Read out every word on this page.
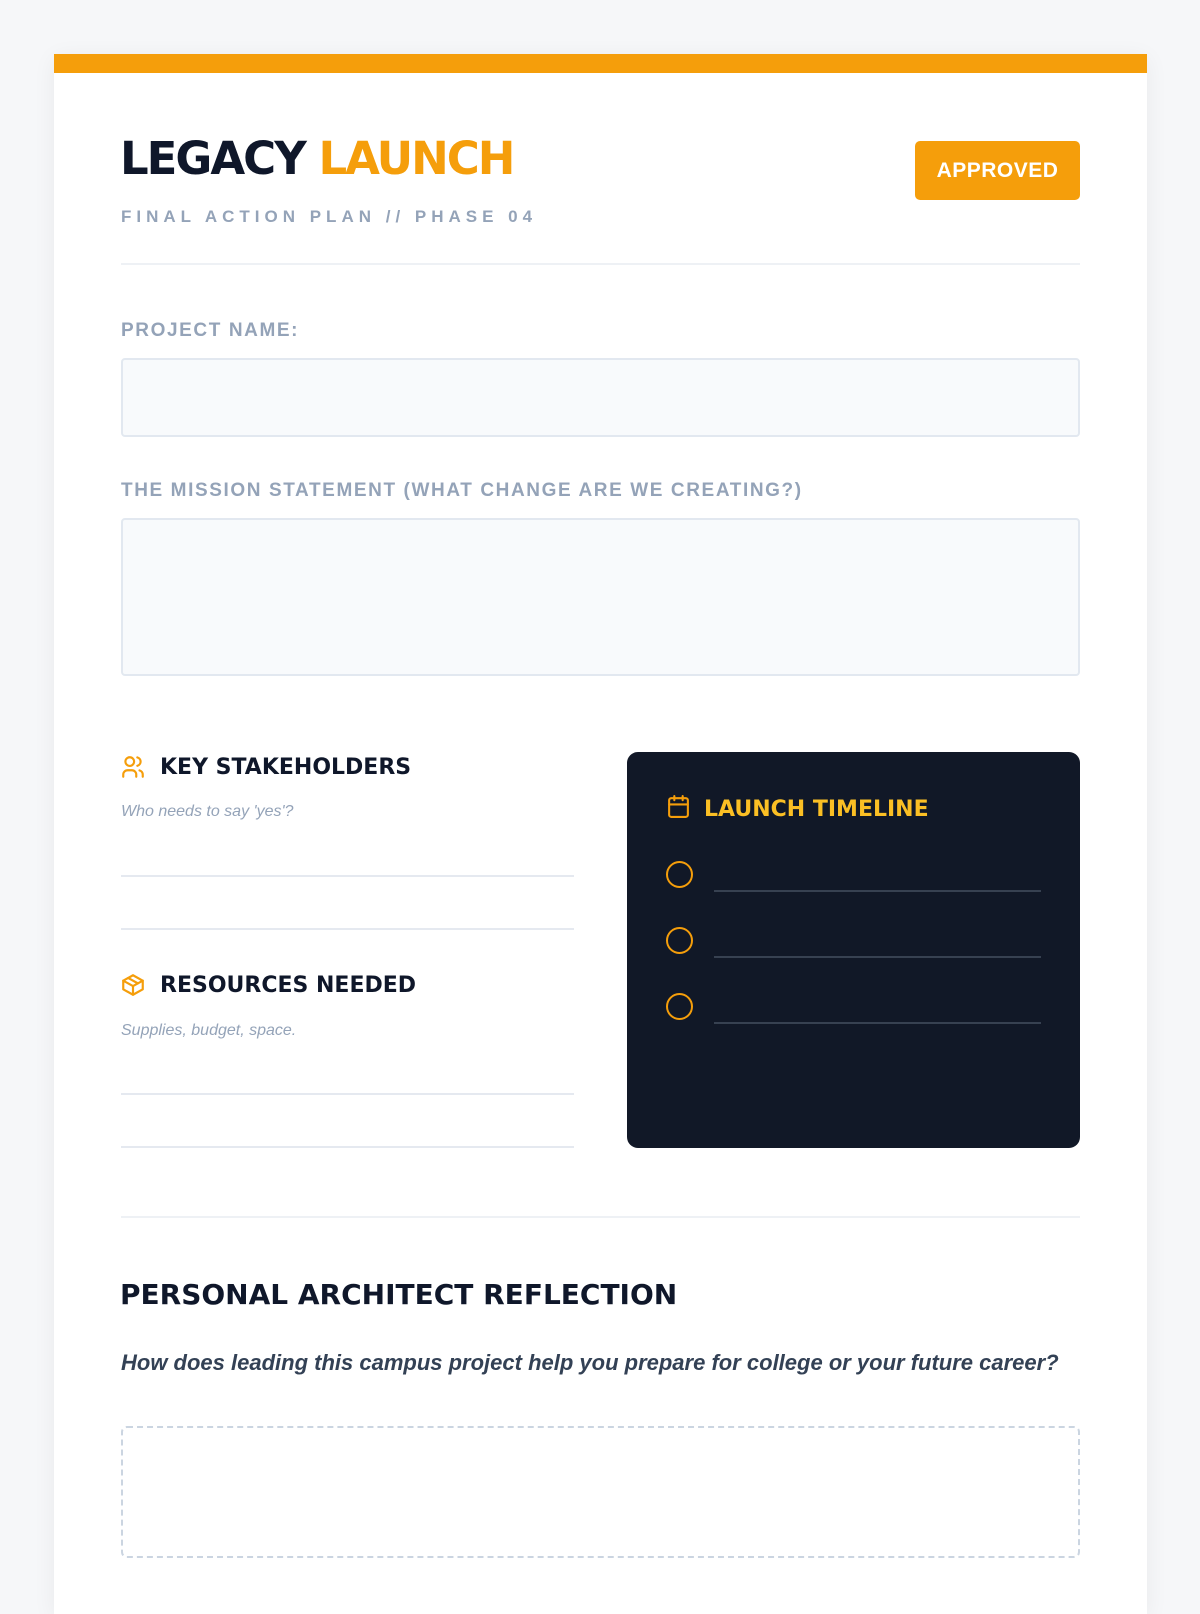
LEGACY LAUNCH
FINAL ACTION PLAN // PHASE 04
APPROVED
PROJECT NAME:
THE MISSION STATEMENT (WHAT CHANGE ARE WE CREATING?)
KEY STAKEHOLDERS
Who needs to say 'yes'?
RESOURCES NEEDED
Supplies, budget, space.
LAUNCH TIMELINE
PERSONAL ARCHITECT REFLECTION
How does leading this campus project help you prepare for college or your future career?
